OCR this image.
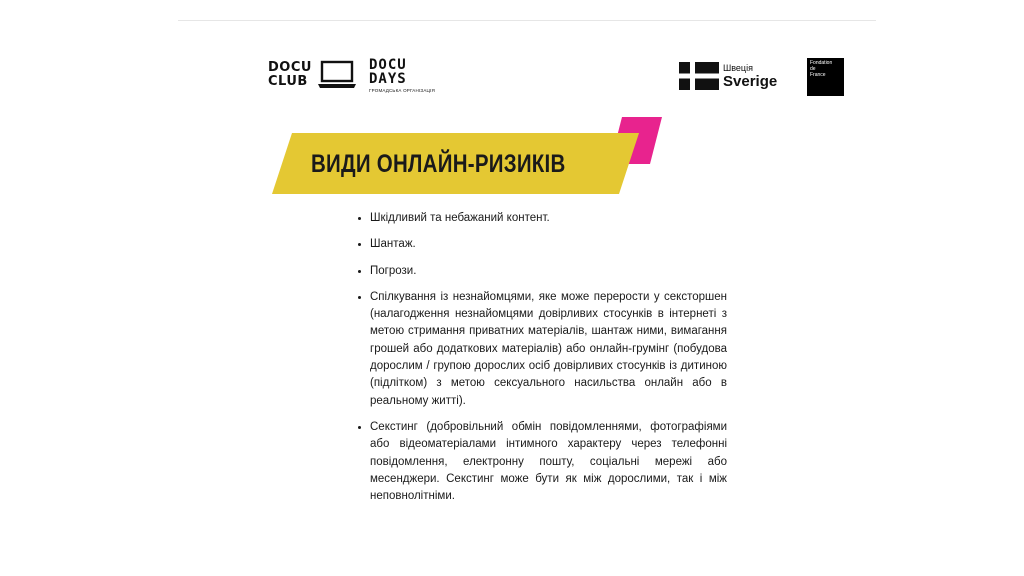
DOCU
CLUB
DOCU
DAYS
ГРОМАДСЬКА ОРГАНІЗАЦІЯ
Швеція
Sverige
Fondation
de
France
ВИДИ ОНЛАЙН-РИЗИКІВ
• Шкідливий та небажаний контент.
• Шантаж.
• Погрози.
• Спілкування із незнайомцями, яке може перерости у сексторшен (налагодження незнайомцями довірливих стосунків в інтернеті з метою стримання приватних матеріалів, шантаж ними, вимагання грошей або додаткових матеріалів) або онлайн-грумінг (побудова дорослим / групою дорослих осіб довірливих стосунків із дитиною (підлітком) з метою сексуального насильства онлайн або в реальному житті).
• Секстинг (добровільний обмін повідомленнями, фотографіями або відеоматеріалами інтимного характеру через телефонні повідомлення, електронну пошту, соціальні мережі або месенджери. Секстинг може бути як між дорослими, так і між неповнолітніми.
